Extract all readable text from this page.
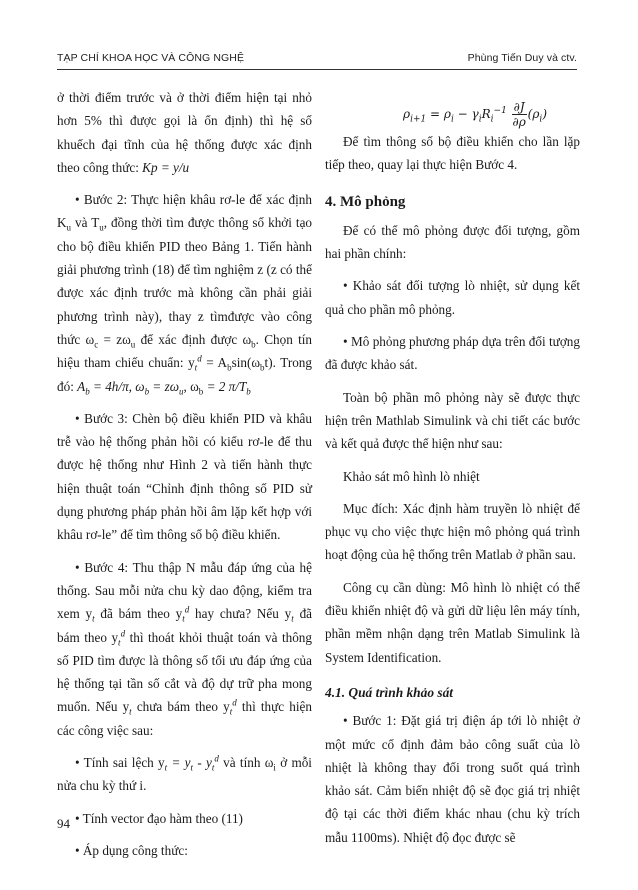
TẠP CHÍ KHOA HỌC VÀ CÔNG NGHỆ	Phùng Tiến Duy và ctv.

ở thời điểm trước và ở thời điểm hiện tại nhỏ hơn 5% thì được gọi là ổn định) thì hệ số khuếch đại tĩnh của hệ thống được xác định theo công thức: Kp = y/u

• Bước 2: Thực hiện khâu rơ-le để xác định $K_u$ và $T_u$, đồng thời tìm được thông số khởi tạo cho bộ điều khiển PID theo Bảng 1. Tiến hành giải phương trình (18) để tìm nghiệm z (z có thể được xác định trước mà không cần phải giải phương trình này), thay z tìmđược vào công thức $\omega_c = z\omega_u$ để xác định được $\omega_b$. Chọn tín hiệu tham chiếu chuẩn: $y_t^d = A_b\sin(\omega_bt)$. Trong đó: $A_b = 4h/\pi$, $\omega_b = z\omega_u$, $\omega_b = 2$ $\pi/T_b$

• Bước 3: Chèn bộ điều khiển PID và khâu trễ vào hệ thống phản hồi có kiểu rơ-le để thu được hệ thống như Hình 2 và tiến hành thực hiện thuật toán “Chỉnh định thông số PID sử dụng phương pháp phản hồi âm lặp kết hợp với khâu rơ-le” để tìm thông số bộ điều khiển.

• Bước 4: Thu thập N mẫu đáp ứng của hệ thống. Sau mỗi nửa chu kỳ dao động, kiểm tra xem $y_t$ đã bám theo $y_t^d$ hay chưa? Nếu $y_t$ đã bám theo $y_t^d$ thì thoát khỏi thuật toán và thông số PID tìm được là thông số tối ưu đáp ứng của hệ thống tại tần số cắt và độ dự trữ pha mong muốn. Nếu $y_t$ chưa bám theo $y_t^d$ thì thực hiện các công việc sau:

• Tính sai lệch $y_t = y_t - y_t^d$ và tính $\omega_i$ ở mỗi nửa chu kỳ thứ i.

• Tính vector đạo hàm theo (11)

• Áp dụng công thức:

$\rho_{i+1} = \rho_i - \gamma_iR_i^{-1} \frac{\partial J}{\partial\rho} (\rho_i)$

Để tìm thông số bộ điều khiển cho lần lặp tiếp theo, quay lại thực hiện Bước 4.

4. Mô phỏng

Để có thể mô phỏng được đối tượng, gồm hai phần chính:

• Khảo sát đối tượng lò nhiệt, sử dụng kết quả cho phần mô phỏng.

• Mô phỏng phương pháp dựa trên đối tượng đã được khảo sát.

Toàn bộ phần mô phỏng này sẽ được thực hiện trên Mathlab Simulink và chi tiết các bước và kết quả được thể hiện như sau:

Khảo sát mô hình lò nhiệt

Mục đích: Xác định hàm truyền lò nhiệt để phục vụ cho việc thực hiện mô phỏng quá trình hoạt động của hệ thống trên Matlab ở phần sau.

Công cụ cần dùng: Mô hình lò nhiệt có thể điều khiển nhiệt độ và gửi dữ liệu lên máy tính, phần mềm nhận dạng trên Matlab Simulink là System Identification.

4.1. Quá trình khảo sát

• Bước 1: Đặt giá trị điện áp tới lò nhiệt ở một mức cố định đảm bảo công suất của lò nhiệt là không thay đổi trong suốt quá trình khảo sát. Cảm biến nhiệt độ sẽ đọc giá trị nhiệt độ tại các thời điểm khác nhau (chu kỳ trích mẫu 1100ms). Nhiệt độ đọc được sẽ

94
